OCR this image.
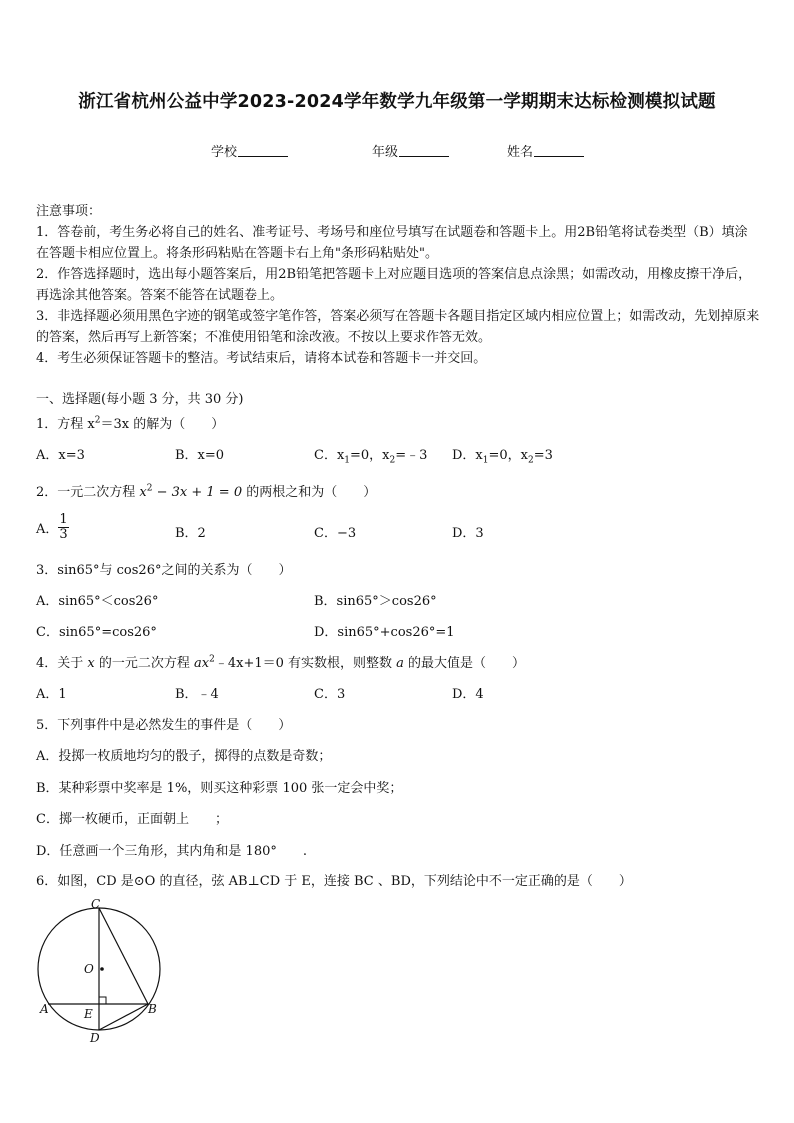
浙江省杭州公益中学2023-2024学年数学九年级第一学期期末达标检测模拟试题
学校	年级	姓名
注意事项：
1．答卷前，考生务必将自己的姓名、准考证号、考场号和座位号填写在试题卷和答题卡上。用2B铅笔将试卷类型（B）填涂在答题卡相应位置上。将条形码粘贴在答题卡右上角"条形码粘贴处"。
2．作答选择题时，选出每小题答案后，用2B铅笔把答题卡上对应题目选项的答案信息点涂黑；如需改动，用橡皮擦干净后，再选涂其他答案。答案不能答在试题卷上。
3．非选择题必须用黑色字迹的钢笔或签字笔作答，答案必须写在答题卡各题目指定区域内相应位置上；如需改动，先划掉原来的答案，然后再写上新答案；不准使用铅笔和涂改液。不按以上要求作答无效。
4．考生必须保证答题卡的整洁。考试结束后，请将本试卷和答题卡一并交回。
一、选择题(每小题 3 分，共 30 分)
1．方程 $x^2=3x$ 的解为（　　）
A．x=3	B．x=0	C．$x_1=0$，$x_2=﹣3$ D．$x_1=0$，$x_2=3$
2．一元二次方程 $x^2 - 3x + 1 = 0$ 的两根之和为（　　）
A． $\frac{1}{3}$	B．2	C．−3	D．3
3．sin65°与 cos26°之间的关系为（　　）
A．sin65°＜cos26°	B．sin65°＞cos26°
C．sin65°=cos26°	D．sin65°+cos26°=1
4．关于 x 的一元二次方程 $ax^2﹣4x+1=0$ 有实数根，则整数 a 的最大值是（　　）
A．1	B．﹣4	C．3	D．4
5．下列事件中是必然发生的事件是（　　）
A．投掷一枚质地均匀的骰子，掷得的点数是奇数；
B．某种彩票中奖率是 1%，则买这种彩票 100 张一定会中奖；
C．掷一枚硬币，正面朝上　　；
D．任意画一个三角形，其内角和是 180°　　.
6．如图，CD 是⊙O 的直径，弦 AB⊥CD 于 E，连接 BC 、BD，下列结论中不一定正确的是（　　）
C
O
A	B
E
D
